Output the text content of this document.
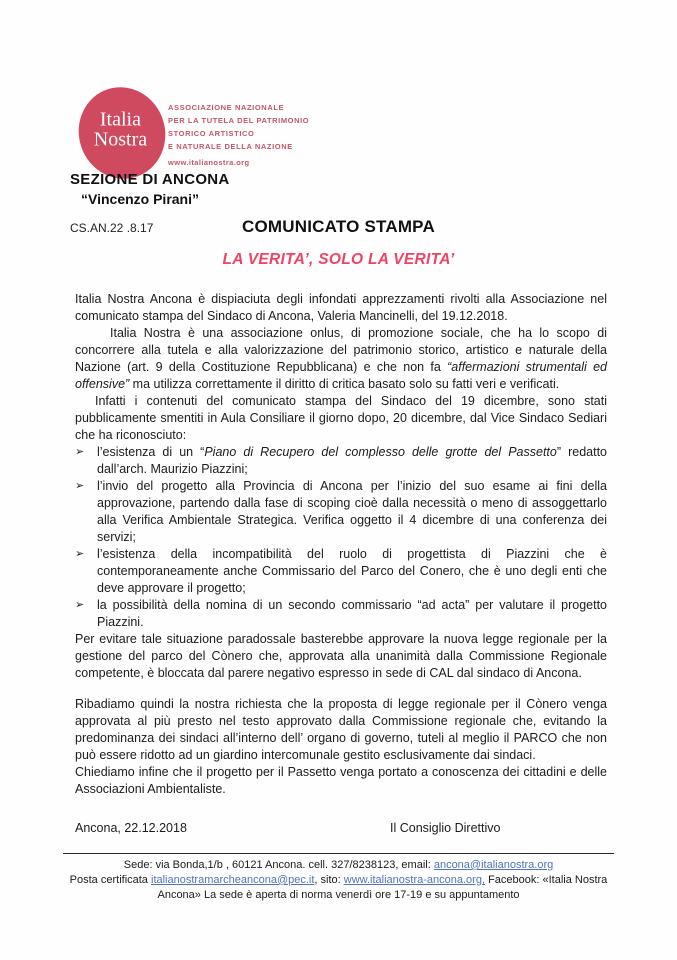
Italia
Nostra
ASSOCIAZIONE NAZIONALE
PER LA TUTELA DEL PATRIMONIO
STORICO ARTISTICO
E NATURALE DELLA NAZIONE
www.italianostra.org
SEZIONE DI ANCONA
“Vincenzo Pirani”
CS.AN.22 .8.17	COMUNICATO STAMPA
LA VERITA’, SOLO LA VERITA’

Italia Nostra Ancona è dispiaciuta degli infondati apprezzamenti rivolti alla Associazione nel comunicato stampa del Sindaco di Ancona, Valeria Mancinelli, del 19.12.2018.

Italia Nostra è una associazione onlus, di promozione sociale, che ha lo scopo di concorrere alla tutela e alla valorizzazione del patrimonio storico, artistico e naturale della Nazione (art. 9 della Costituzione Repubblicana) e che non fa “affermazioni strumentali ed offensive” ma utilizza correttamente il diritto di critica basato solo su fatti veri e verificati.

Infatti i contenuti del comunicato stampa del Sindaco del 19 dicembre, sono stati pubblicamente smentiti in Aula Consiliare il giorno dopo, 20 dicembre, dal Vice Sindaco Sediari che ha riconosciuto:

➢	l’esistenza di un “Piano di Recupero del complesso delle grotte del Passetto” redatto dall’arch. Maurizio Piazzini;
➢	l’invio del progetto alla Provincia di Ancona per l’inizio del suo esame ai fini della approvazione, partendo dalla fase di scoping cioè dalla necessità o meno di assoggettarlo alla Verifica Ambientale Strategica. Verifica oggetto il 4 dicembre di una conferenza dei servizi;
➢	l’esistenza della incompatibilità del ruolo di progettista di Piazzini che è contemporaneamente anche Commissario del Parco del Conero, che è uno degli enti che deve approvare il progetto;
➢	la possibilità della nomina di un secondo commissario “ad acta” per valutare il progetto Piazzini.

Per evitare tale situazione paradossale basterebbe approvare la nuova legge regionale per la gestione del parco del Cònero che, approvata alla unanimità dalla Commissione Regionale competente, è bloccata dal parere negativo espresso in sede di CAL dal sindaco di Ancona.

Ribadiamo quindi la nostra richiesta che la proposta di legge regionale per il Cònero venga approvata al più presto nel testo approvato dalla Commissione regionale che, evitando la predominanza dei sindaci all’interno dell’ organo di governo, tuteli al meglio il PARCO che non può essere ridotto ad un giardino intercomunale gestito esclusivamente dai sindaci.

Chiediamo infine che il progetto per il Passetto venga portato a conoscenza dei cittadini e delle Associazioni Ambientaliste.

Ancona, 22.12.2018	Il Consiglio Direttivo
Sede: via Bonda,1/b , 60121 Ancona. cell. 327/8238123, email: ancona@italianostra.org
Posta certificata italianostramarcheancona@pec.it, sito: www.italianostra-ancona.org, Facebook: «Italia Nostra
Ancona» La sede è aperta di norma venerdì ore 17-19 e su appuntamento
